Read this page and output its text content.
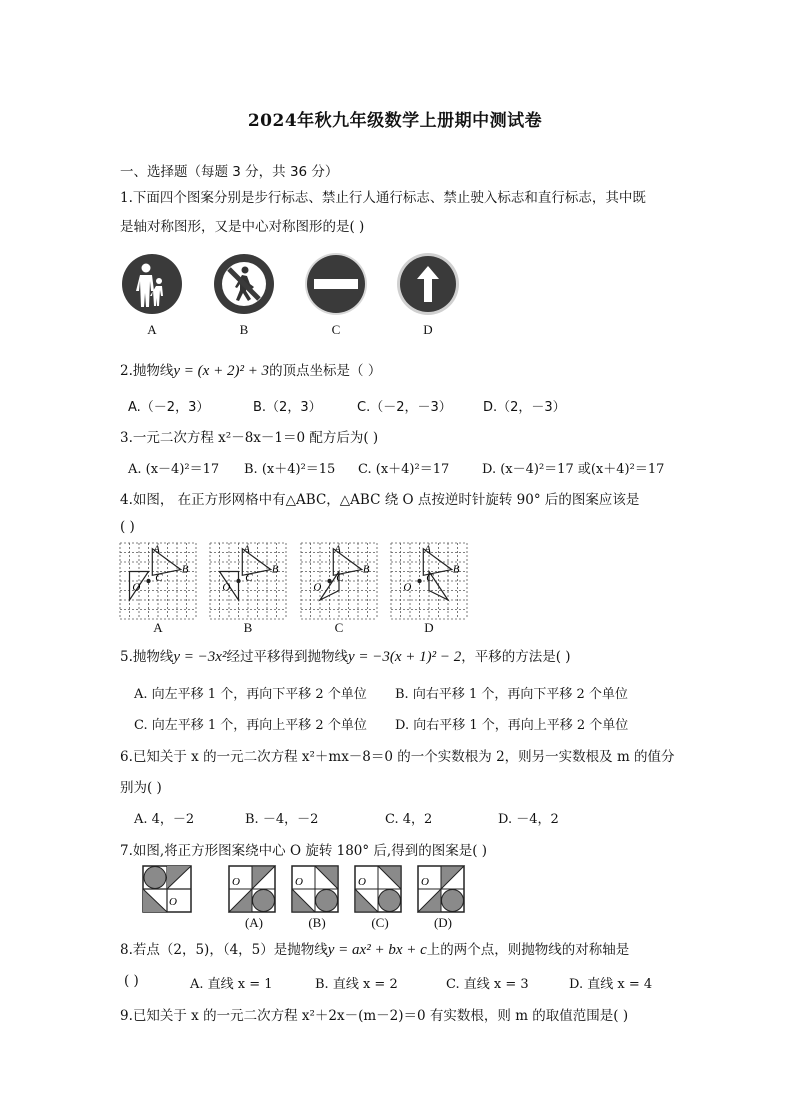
2024年秋九年级数学上册期中测试卷
一、选择题（每题 3 分，共 36 分）
1.下面四个图案分别是步行标志、禁止行人通行标志、禁止驶入标志和直行标志，其中既
是轴对称图形，又是中心对称图形的是( )
A	B	C	D
2.抛物线y = (x + 2)² + 3的顶点坐标是（ ）
A.（－2，3）	B.（2，3）	C.（－2，－3） D.（2，－3）
3.一元二次方程 x²－8x－1＝0 配方后为( )
A. (x－4)²＝17 B. (x＋4)²＝15 C. (x＋4)²＝17	D. (x－4)²＝17 或(x＋4)²＝17
4.如图， 在正方形网格中有△ABC，△ABC 绕 O 点按逆时针旋转 90° 后的图案应该是
( )
A
B
C
O
A
B
C
O
A
B
C
O
A
B
C
O
A	B	C	D
5.抛物线y = −3x²经过平移得到抛物线y = −3(x + 1)² − 2，平移的方法是( )
A. 向左平移 1 个，再向下平移 2 个单位 B. 向右平移 1 个，再向下平移 2 个单位
C. 向左平移 1 个，再向上平移 2 个单位 D. 向右平移 1 个，再向上平移 2 个单位
6.已知关于 x 的一元二次方程 x²＋mx－8＝0 的一个实数根为 2，则另一实数根及 m 的值分
别为( )
A. 4，－2	B. －4，－2	C. 4，2	D. －4，2
7.如图,将正方形图案绕中心 O 旋转 180° 后,得到的图案是( )
O
O	O	O	O
(A)	(B)	(C)	(D)
8.若点（2，5)，（4，5）是抛物线y = ax² + bx + c上的两个点，则抛物线的对称轴是
( )	A. 直线 x = 1	B. 直线 x = 2	C. 直线 x = 3	D. 直线 x = 4
9.已知关于 x 的一元二次方程 x²＋2x－(m－2)＝0 有实数根，则 m 的取值范围是( )
